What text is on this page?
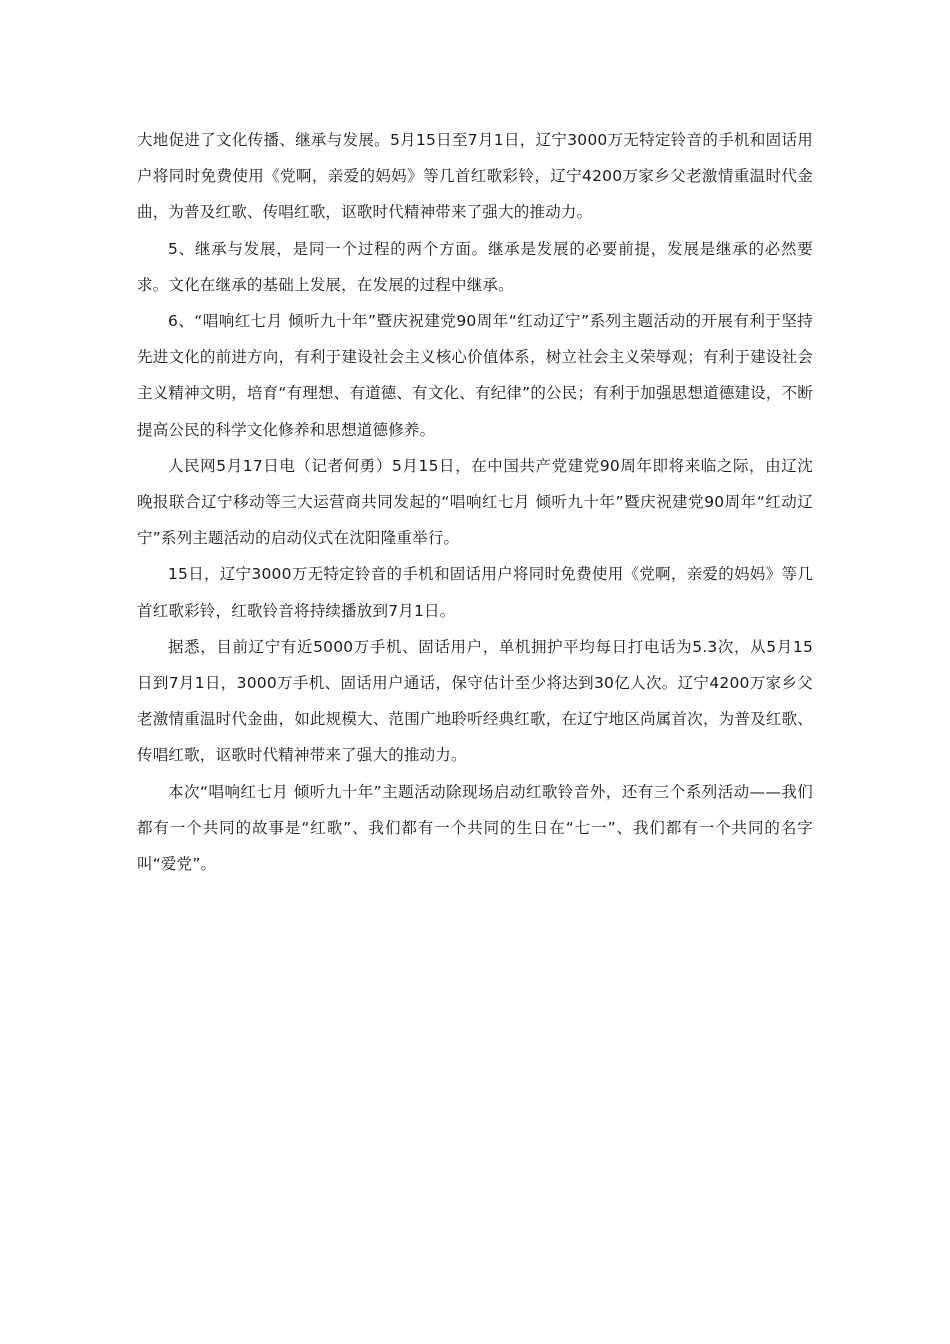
大地促进了文化传播、继承与发展。5月15日至7月1日，辽宁3000万无特定铃音的手机和固话用户将同时免费使用《党啊，亲爱的妈妈》等几首红歌彩铃，辽宁4200万家乡父老激情重温时代金曲，为普及红歌、传唱红歌，讴歌时代精神带来了强大的推动力。

5、继承与发展，是同一个过程的两个方面。继承是发展的必要前提，发展是继承的必然要求。文化在继承的基础上发展，在发展的过程中继承。

6、“唱响红七月 倾听九十年”暨庆祝建党90周年“红动辽宁”系列主题活动的开展有利于坚持先进文化的前进方向，有利于建设社会主义核心价值体系，树立社会主义荣辱观；有利于建设社会主义精神文明，培育“有理想、有道德、有文化、有纪律”的公民；有利于加强思想道德建设，不断提高公民的科学文化修养和思想道德修养。

人民网5月17日电（记者何勇）5月15日，在中国共产党建党90周年即将来临之际，由辽沈晚报联合辽宁移动等三大运营商共同发起的“唱响红七月 倾听九十年”暨庆祝建党90周年“红动辽宁”系列主题活动的启动仪式在沈阳隆重举行。

15日，辽宁3000万无特定铃音的手机和固话用户将同时免费使用《党啊，亲爱的妈妈》等几首红歌彩铃，红歌铃音将持续播放到7月1日。

据悉，目前辽宁有近5000万手机、固话用户，单机拥护平均每日打电话为5.3次，从5月15日到7月1日，3000万手机、固话用户通话，保守估计至少将达到30亿人次。辽宁4200万家乡父老激情重温时代金曲，如此规模大、范围广地聆听经典红歌，在辽宁地区尚属首次，为普及红歌、传唱红歌，讴歌时代精神带来了强大的推动力。

本次“唱响红七月 倾听九十年”主题活动除现场启动红歌铃音外，还有三个系列活动——我们都有一个共同的故事是“红歌”、我们都有一个共同的生日在“七一”、我们都有一个共同的名字叫“爱党”。
